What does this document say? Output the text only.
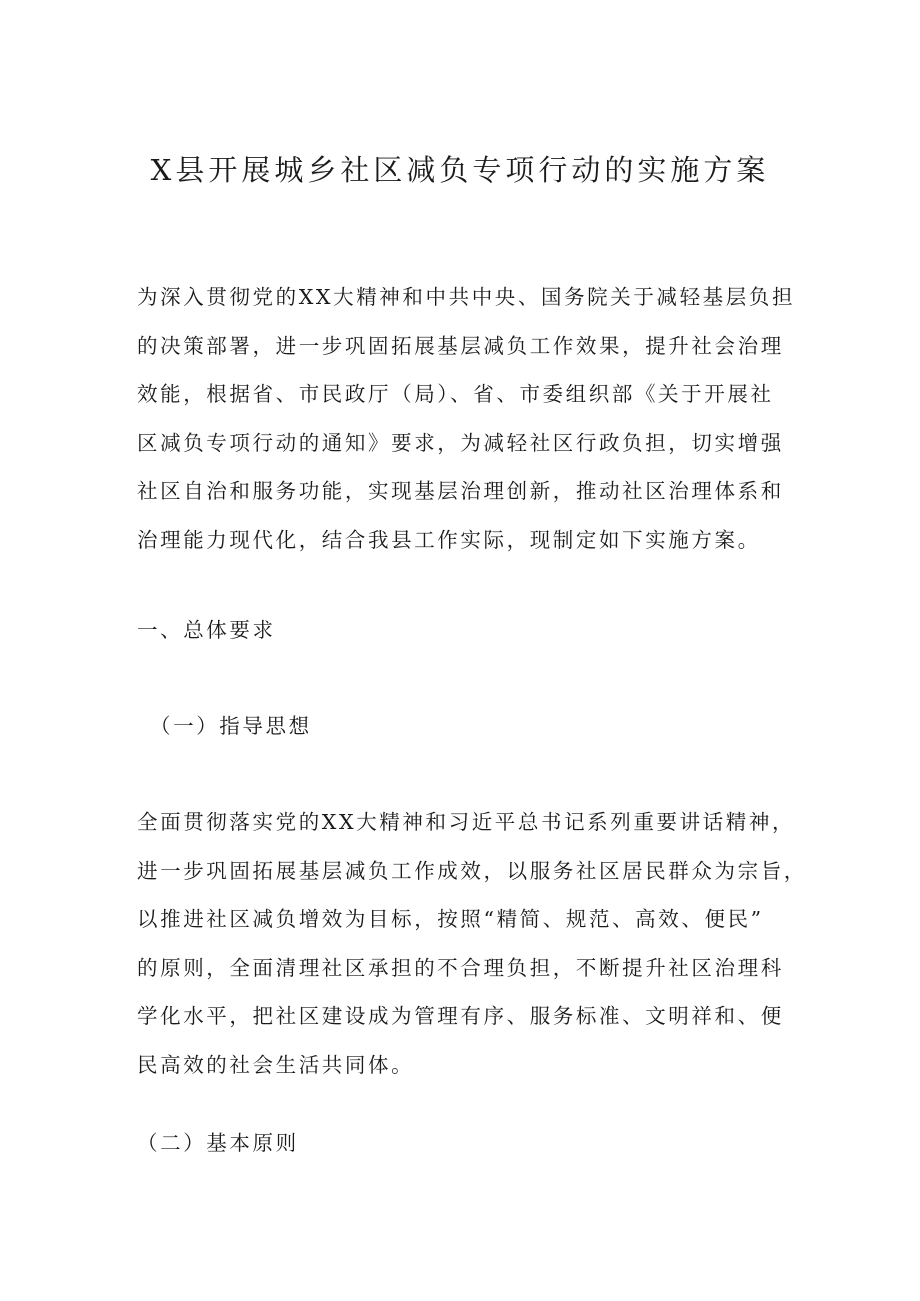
X县开展城乡社区减负专项行动的实施方案

为深入贯彻党的XX大精神和中共中央、国务院关于减轻基层负担
的决策部署，进一步巩固拓展基层减负工作效果，提升社会治理
效能，根据省、市民政厅（局）、省、市委组织部《关于开展社
区减负专项行动的通知》要求，为减轻社区行政负担，切实增强
社区自治和服务功能，实现基层治理创新，推动社区治理体系和
治理能力现代化，结合我县工作实际，现制定如下实施方案。

一、总体要求
（一）指导思想

全面贯彻落实党的XX大精神和习近平总书记系列重要讲话精神，
进一步巩固拓展基层减负工作成效，以服务社区居民群众为宗旨，
以推进社区减负增效为目标，按照“精简、规范、高效、便民”
的原则，全面清理社区承担的不合理负担，不断提升社区治理科
学化水平，把社区建设成为管理有序、服务标准、文明祥和、便
民高效的社会生活共同体。

（二）基本原则
